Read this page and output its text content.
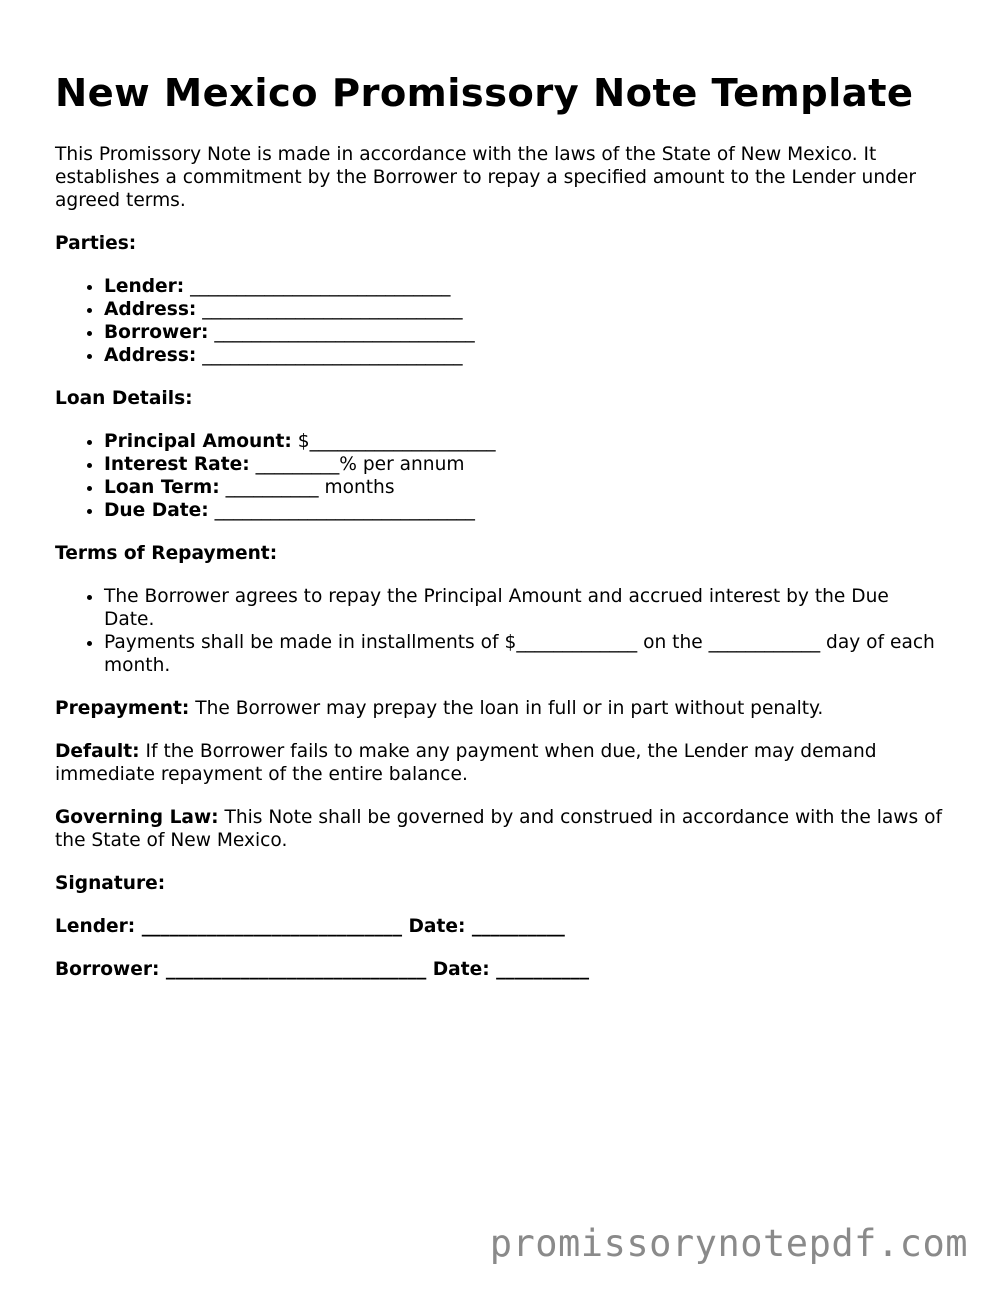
New Mexico Promissory Note Template

This Promissory Note is made in accordance with the laws of the State of New Mexico. It establishes a commitment by the Borrower to repay a specified amount to the Lender under agreed terms.

Parties:

• Lender: ____________________________
• Address: ____________________________
• Borrower: ____________________________
• Address: ____________________________

Loan Details:

• Principal Amount: $____________________
• Interest Rate: _________% per annum
• Loan Term: __________ months
• Due Date: ____________________________

Terms of Repayment:

• The Borrower agrees to repay the Principal Amount and accrued interest by the Due Date.
• Payments shall be made in installments of $_____________ on the ____________ day of each month.

Prepayment: The Borrower may prepay the loan in full or in part without penalty.

Default: If the Borrower fails to make any payment when due, the Lender may demand immediate repayment of the entire balance.

Governing Law: This Note shall be governed by and construed in accordance with the laws of the State of New Mexico.

Signature:

Lender: ____________________________ Date: __________

Borrower: ____________________________ Date: __________

promissorynotepdf.com
